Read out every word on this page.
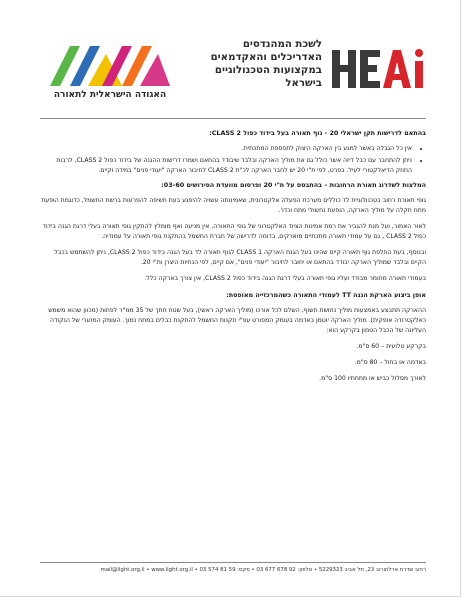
האגודה הישראלית לתאורה
לשכת המהנדסים
האדריכלים והאקדמאים
במקצועות הטכנולוגיים
בישראל
בהתאם לדרישות תקן ישראלי 20 - גוף תאורה בעל בידוד כפול CLASS 2:
• אין כל הגבלה באשר למגע בין הארקה היצוק לתפספת המתכתית.
• ניתן להתחבר עם כבל דיזה אשר כולל גם את מוליך הארקה ובלבד שיבודד בהתאם ושמרו דרישות ההגנה של בידוד כפול CLASS 2, לרבות החוזק הדיאלקטורי לעיל. בפרט, לפי ת"י 20 יש לחבר הארקה לכ"ת CLASS 2 לחיבור הארקה "יעודי פנים" במידה וקיים.
המלצות לשדרוג תאורת הרחובות – בהתבסס על ת"י 20 ופרסום מוועדת הפירושים 03-60:
גופי תאורת רחוב בטכנולוגיית לד כוללים מערכת הפעלה אלקטרונית, שאמינותה עשויה להיפגע בעת חשיפה להפרעות ברשת החשמל, כדוגמת הופעת מתח תקלה על מוליך הארקה, הופעת נחשולי מתח וכדו'.
לאור האמור, ועל מנת להגביר את רמת אמינות הציוד האלקטרוני של גופי התאורה, אין מניעה ואף מומלץ להתקין גופי תאורה בעלי דרגת הגנה בידוד כפול CLASS 2 , גם על עמודי תאורה מתכתיים מוארקים, בדומה לדרישה של חברת החשמל בהתקנת גופי תאורה על עמודיה.
ובנוסף, בעת החלפת גוף תאורה קיים שהינו בעל הגנת הארקה CLASS 1 לגוף תאורה לד בעל הגנה בידוד כפול CLASS 2, ניתן להשתמש בכבל הקיים ובלבד שמוליך הארקה יבודד בהתאם או יחובר לחיבור "יעודי פנים", אם קיים, לפי הנחיות היצרן ות"י 20.
בעמודי תאורה מחומר מבודד ועליו גופי תאורה בעלי דרגת הגנה בידוד כפול CLASS 2, אין צורך בארקה כלל.
אופן ביצוע הארקת הגנה TT לעמודי התאורה כשהמרכזייה מאופסת:
ההארקה תתבצע באמצעות מוליך נחושת חשוף, השלם לכל אורכו (מוליך הארקה ראשי), בעל שטח חתך של 35 ממ"ר לפחות (מכוון שהוא משמש כאלקטרודה אופקית). מוליך הארקה יוטמן באדמה בעומק המפורט עפ"י תקנות החשמל להתקנת כבלים במתח נמוך. העומק המזערי של הנקודה העליונה של הכבל הטמון בקרקע הוא:
בקרקע טלועית – 60 ס"מ.
באדמה או בחול – 80 ס"מ.
לאורך מסלול כביש או מתחתיו 100 ס"מ.
רחוב שדרת ארלוזורוב 23, תל אביב 5229323 • טלפון: 92 678 677 03 • פקס: 59 81 574 03 • mail@light.org.il • www.light.org.il
